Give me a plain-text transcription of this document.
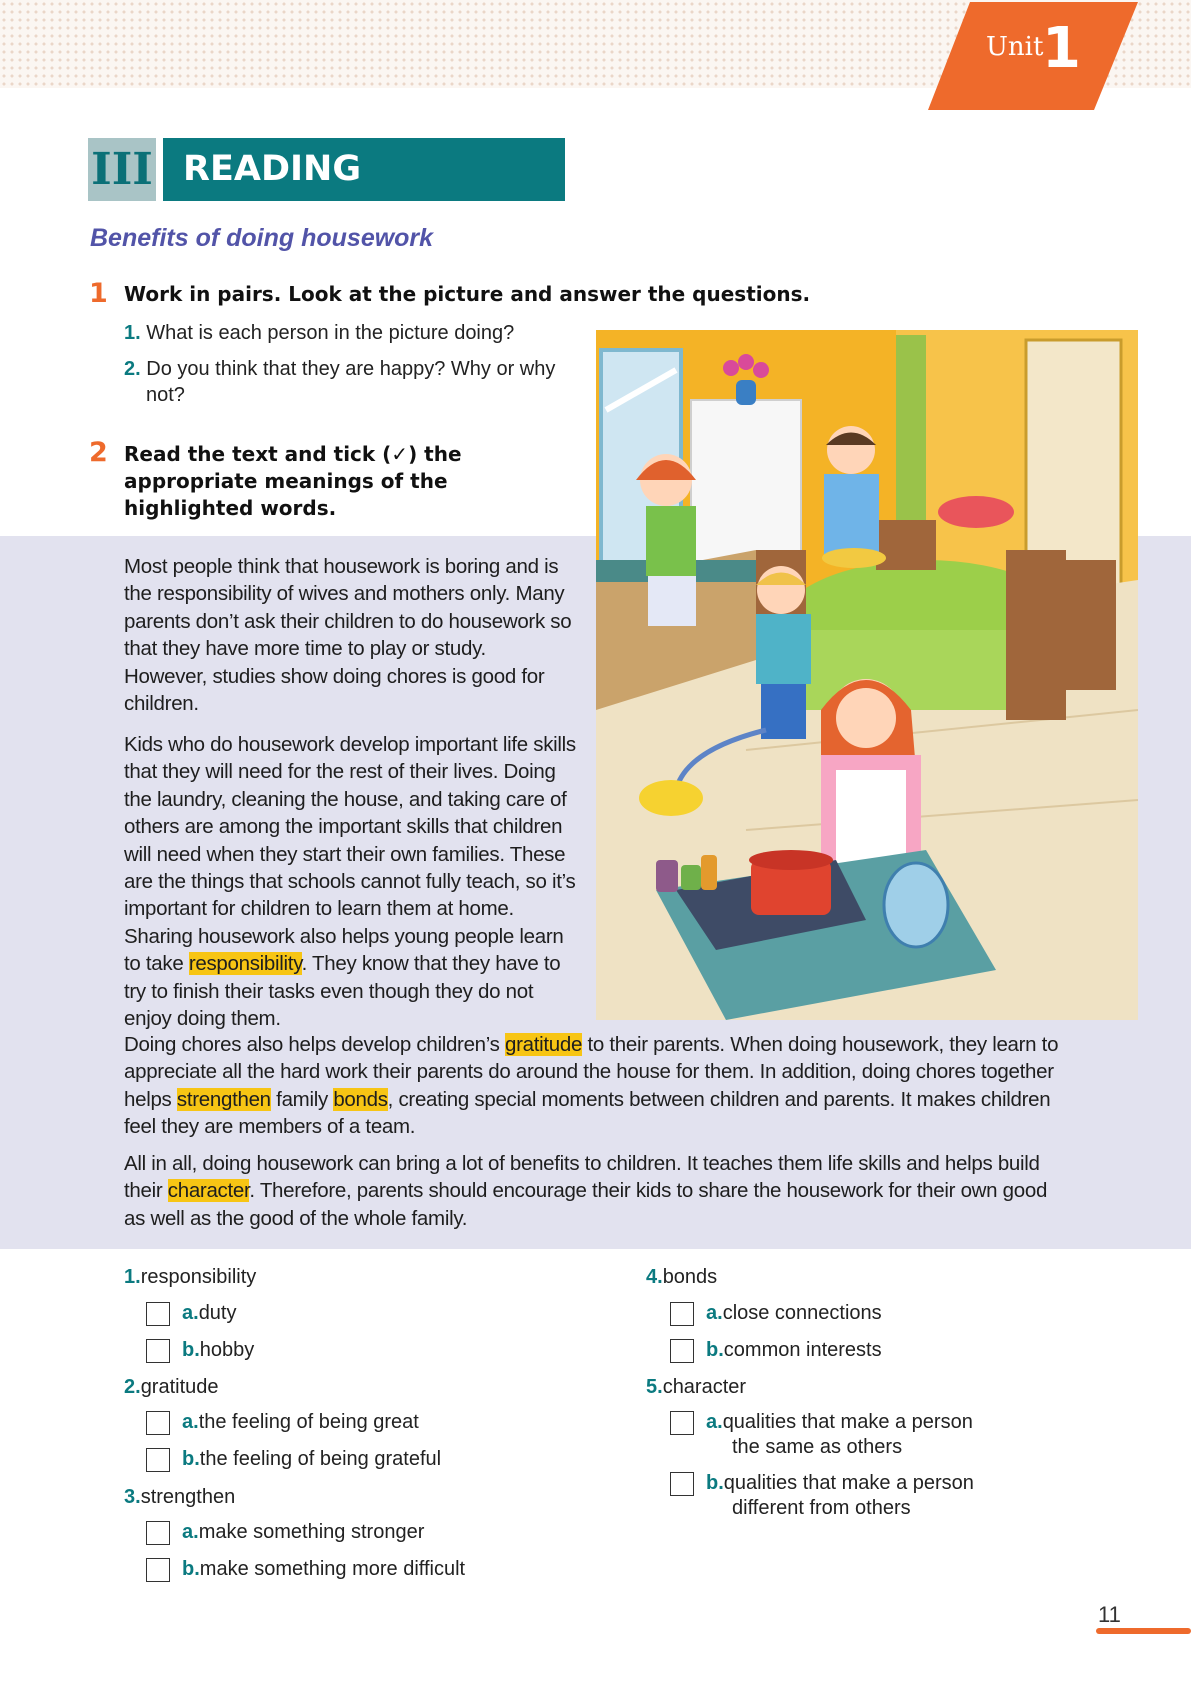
Unit
1
III READING
Benefits of doing housework
1 Work in pairs. Look at the picture and answer the questions.
1. What is each person in the picture doing?
2. Do you think that they are happy? Why or why not?
2 Read the text and tick (✓) the appropriate meanings of the highlighted words.
Most people think that housework is boring and is the responsibility of wives and mothers only. Many parents don’t ask their children to do housework so that they have more time to play or study. However, studies show doing chores is good for children.
Kids who do housework develop important life skills that they will need for the rest of their lives. Doing the laundry, cleaning the house, and taking care of others are among the important skills that children will need when they start their own families. These are the things that schools cannot fully teach, so it’s important for children to learn them at home. Sharing housework also helps young people learn to take responsibility. They know that they have to try to finish their tasks even though they do not enjoy doing them.
Doing chores also helps develop children’s gratitude to their parents. When doing housework, they learn to appreciate all the hard work their parents do around the house for them. In addition, doing chores together helps strengthen family bonds, creating special moments between children and parents. It makes children feel they are members of a team.
All in all, doing housework can bring a lot of benefits to children. It teaches them life skills and helps build their character. Therefore, parents should encourage their kids to share the housework for their own good as well as the good of the whole family.
1.responsibility
a.duty
b.hobby
2.gratitude
a.the feeling of being great
b.the feeling of being grateful
3.strengthen
a.make something stronger
b.make something more difficult
4.bonds
a.close connections
b.common interests
5.character
a.qualities that make a person
the same as others
b.qualities that make a person
different from others
11
